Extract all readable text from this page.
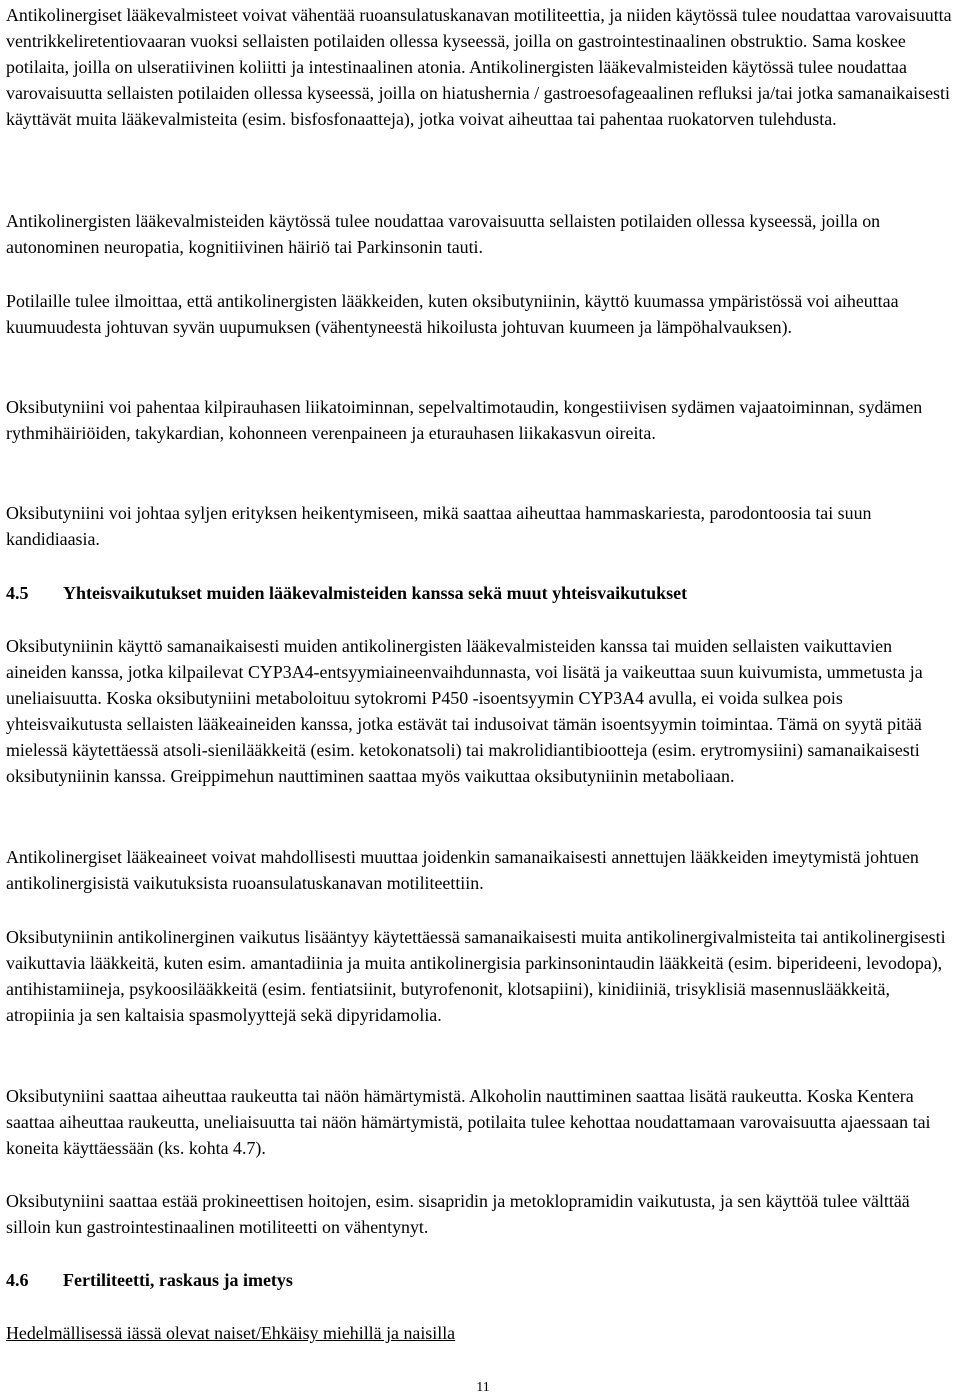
Antikolinergiset lääkevalmisteet voivat vähentää ruoansulatuskanavan motiliteettia, ja niiden käytössä tulee noudattaa varovaisuutta ventrikkeliretentiovaaran vuoksi sellaisten potilaiden ollessa kyseessä, joilla on gastrointestinaalinen obstruktio. Sama koskee potilaita, joilla on ulseratiivinen koliitti ja intestinaalinen atonia. Antikolinergisten lääkevalmisteiden käytössä tulee noudattaa varovaisuutta sellaisten potilaiden ollessa kyseessä, joilla on hiatushernia / gastroesofageaalinen refluksi ja/tai jotka samanaikaisesti käyttävät muita lääkevalmisteita (esim. bisfosfonaatteja), jotka voivat aiheuttaa tai pahentaa ruokatorven tulehdusta.

Antikolinergisten lääkevalmisteiden käytössä tulee noudattaa varovaisuutta sellaisten potilaiden ollessa kyseessä, joilla on autonominen neuropatia, kognitiivinen häiriö tai Parkinsonin tauti.

Potilaille tulee ilmoittaa, että antikolinergisten lääkkeiden, kuten oksibutyniinin, käyttö kuumassa ympäristössä voi aiheuttaa kuumuudesta johtuvan syvän uupumuksen (vähentyneestä hikoilusta johtuvan kuumeen ja lämpöhalvauksen).

Oksibutyniini voi pahentaa kilpirauhasen liikatoiminnan, sepelvaltimotaudin, kongestiivisen sydämen vajaatoiminnan, sydämen rythmihäiriöiden, takykardian, kohonneen verenpaineen ja eturauhasen liikakasvun oireita.

Oksibutyniini voi johtaa syljen erityksen heikentymiseen, mikä saattaa aiheuttaa hammaskariesta, parodontoosia tai suun kandidiaasia.

4.5 Yhteisvaikutukset muiden lääkevalmisteiden kanssa sekä muut yhteisvaikutukset

Oksibutyniinin käyttö samanaikaisesti muiden antikolinergisten lääkevalmisteiden kanssa tai muiden sellaisten vaikuttavien aineiden kanssa, jotka kilpailevat CYP3A4-entsyymiaineenvaihdunnasta, voi lisätä ja vaikeuttaa suun kuivumista, ummetusta ja uneliaisuutta. Koska oksibutyniini metaboloituu sytokromi P450 -isoentsyymin CYP3A4 avulla, ei voida sulkea pois yhteisvaikutusta sellaisten lääkeaineiden kanssa, jotka estävät tai indusoivat tämän isoentsyymin toimintaa. Tämä on syytä pitää mielessä käytettäessä atsoli-sienilääkkeitä (esim. ketokonatsoli) tai makrolidiantibiootteja (esim. erytromysiini) samanaikaisesti oksibutyniinin kanssa. Greippimehun nauttiminen saattaa myös vaikuttaa oksibutyniinin metaboliaan.

Antikolinergiset lääkeaineet voivat mahdollisesti muuttaa joidenkin samanaikaisesti annettujen lääkkeiden imeytymistä johtuen antikolinergisistä vaikutuksista ruoansulatuskanavan motiliteettiin.

Oksibutyniinin antikolinerginen vaikutus lisääntyy käytettäessä samanaikaisesti muita antikolinergivalmisteita tai antikolinergisesti vaikuttavia lääkkeitä, kuten esim. amantadiinia ja muita antikolinergisia parkinsonintaudin lääkkeitä (esim. biperideeni, levodopa), antihistamiineja, psykoosilääkkeitä (esim. fentiatsiinit, butyrofenonit, klotsapiini), kinidiiniä, trisyklisiä masennuslääkkeitä, atropiinia ja sen kaltaisia spasmolyyttejä sekä dipyridamolia.

Oksibutyniini saattaa aiheuttaa raukeutta tai näön hämärtymistä. Alkoholin nauttiminen saattaa lisätä raukeutta. Koska Kentera saattaa aiheuttaa raukeutta, uneliaisuutta tai näön hämärtymistä, potilaita tulee kehottaa noudattamaan varovaisuutta ajaessaan tai koneita käyttäessään (ks. kohta 4.7).

Oksibutyniini saattaa estää prokineettisen hoitojen, esim. sisapridin ja metoklopramidin vaikutusta, ja sen käyttöä tulee välttää silloin kun gastrointestinaalinen motiliteetti on vähentynyt.

4.6 Fertiliteetti, raskaus ja imetys

Hedelmällisessä iässä olevat naiset/Ehkäisy miehillä ja naisilla

11
